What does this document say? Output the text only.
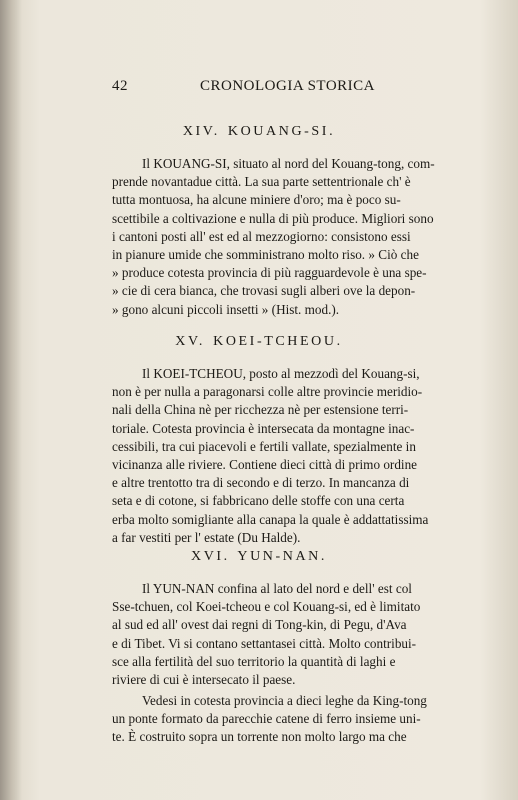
42	CRONOLOGIA STORICA
XIV. KOUANG-SI.
Il KOUANG-SI, situato al nord del Kouang-tong, com-
prende novantadue città. La sua parte settentrionale ch' è
tutta montuosa, ha alcune miniere d'oro; ma è poco su-
scettibile a coltivazione e nulla di più produce. Migliori sono
i cantoni posti all' est ed al mezzogiorno: consistono essi
in pianure umide che somministrano molto riso. » Ciò che
» produce cotesta provincia di più ragguardevole è una spe-
» cie di cera bianca, che trovasi sugli alberi ove la depon-
» gono alcuni piccoli insetti » (Hist. mod.).
XV. KOEI-TCHEOU.
Il KOEI-TCHEOU, posto al mezzodì del Kouang-si,
non è per nulla a paragonarsi colle altre provincie meridio-
nali della China nè per ricchezza nè per estensione terri-
toriale. Cotesta provincia è intersecata da montagne inac-
cessibili, tra cui piacevoli e fertili vallate, spezialmente in
vicinanza alle riviere. Contiene dieci città di primo ordine
e altre trentotto tra di secondo e di terzo. In mancanza di
seta e di cotone, si fabbricano delle stoffe con una certa
erba molto somigliante alla canapa la quale è addattatissima
a far vestiti per l' estate (Du Halde).
XVI. YUN-NAN.
Il YUN-NAN confina al lato del nord e dell' est col
Sse-tchuen, col Koei-tcheou e col Kouang-si, ed è limitato
al sud ed all' ovest dai regni di Tong-kin, di Pegu, d'Ava
e di Tibet. Vi si contano settantasei città. Molto contribui-
sce alla fertilità del suo territorio la quantità di laghi e
riviere di cui è intersecato il paese.
Vedesi in cotesta provincia a dieci leghe da King-tong
un ponte formato da parecchie catene di ferro insieme uni-
te. È costruito sopra un torrente non molto largo ma che
